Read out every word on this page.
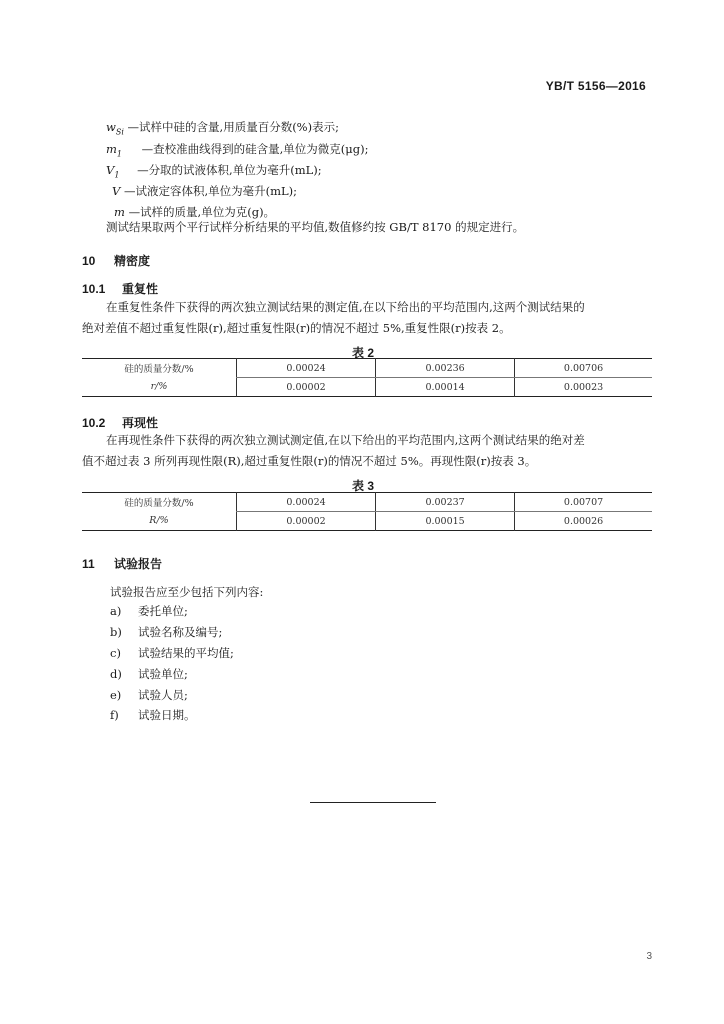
YB/T 5156—2016
$w_{Si}$ —试样中硅的含量,用质量百分数(%)表示;
$m_1$ —查校准曲线得到的硅含量,单位为微克(μg);
$V_1$ —分取的试液体积,单位为毫升(mL);
V —试液定容体积,单位为毫升(mL);
m —试样的质量,单位为克(g)。
测试结果取两个平行试样分析结果的平均值,数值修约按 GB/T 8170 的规定进行。
10 精密度
10.1 重复性
在重复性条件下获得的两次独立测试结果的测定值,在以下给出的平均范围内,这两个测试结果的
绝对差值不超过重复性限(r),超过重复性限(r)的情况不超过 5%,重复性限(r)按表 2。
表 2
硅的质量分数/%	0.00024	0.00236	0.00706
r/%	0.00002	0.00014	0.00023
10.2 再现性
在再现性条件下获得的两次独立测试测定值,在以下给出的平均范围内,这两个测试结果的绝对差
值不超过表 3 所列再现性限(R),超过重复性限(r)的情况不超过 5%。再现性限(r)按表 3。
表 3
硅的质量分数/%	0.00024	0.00237	0.00707
R/%	0.00002	0.00015	0.00026
11 试验报告
试验报告应至少包括下列内容:
a) 委托单位;
b) 试验名称及编号;
c) 试验结果的平均值;
d) 试验单位;
e) 试验人员;
f) 试验日期。
3
